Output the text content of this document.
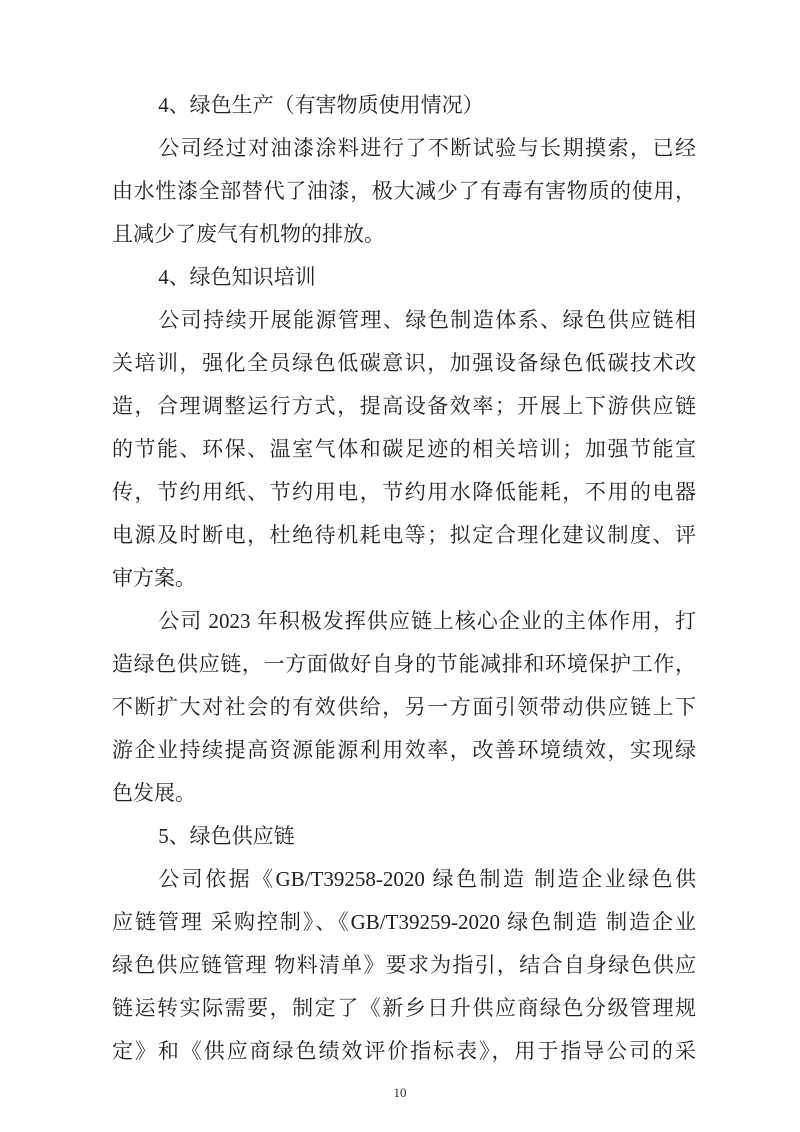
4、绿色生产（有害物质使用情况）
公司经过对油漆涂料进行了不断试验与长期摸索，已经
由水性漆全部替代了油漆，极大减少了有毒有害物质的使用，
且减少了废气有机物的排放。
4、绿色知识培训
公司持续开展能源管理、绿色制造体系、绿色供应链相
关培训，强化全员绿色低碳意识，加强设备绿色低碳技术改
造，合理调整运行方式，提高设备效率；开展上下游供应链
的节能、环保、温室气体和碳足迹的相关培训；加强节能宣
传，节约用纸、节约用电，节约用水降低能耗，不用的电器
电源及时断电，杜绝待机耗电等；拟定合理化建议制度、评
审方案。
公司 2023 年积极发挥供应链上核心企业的主体作用，打
造绿色供应链，一方面做好自身的节能减排和环境保护工作，
不断扩大对社会的有效供给，另一方面引领带动供应链上下
游企业持续提高资源能源利用效率，改善环境绩效，实现绿
色发展。
5、绿色供应链
公司依据《GB/T39258-2020 绿色制造 制造企业绿色供
应链管理 采购控制》、《GB/T39259-2020 绿色制造 制造企业
绿色供应链管理 物料清单》要求为指引，结合自身绿色供应
链运转实际需要，制定了《新乡日升供应商绿色分级管理规
定》和《供应商绿色绩效评价指标表》，用于指导公司的采
10
